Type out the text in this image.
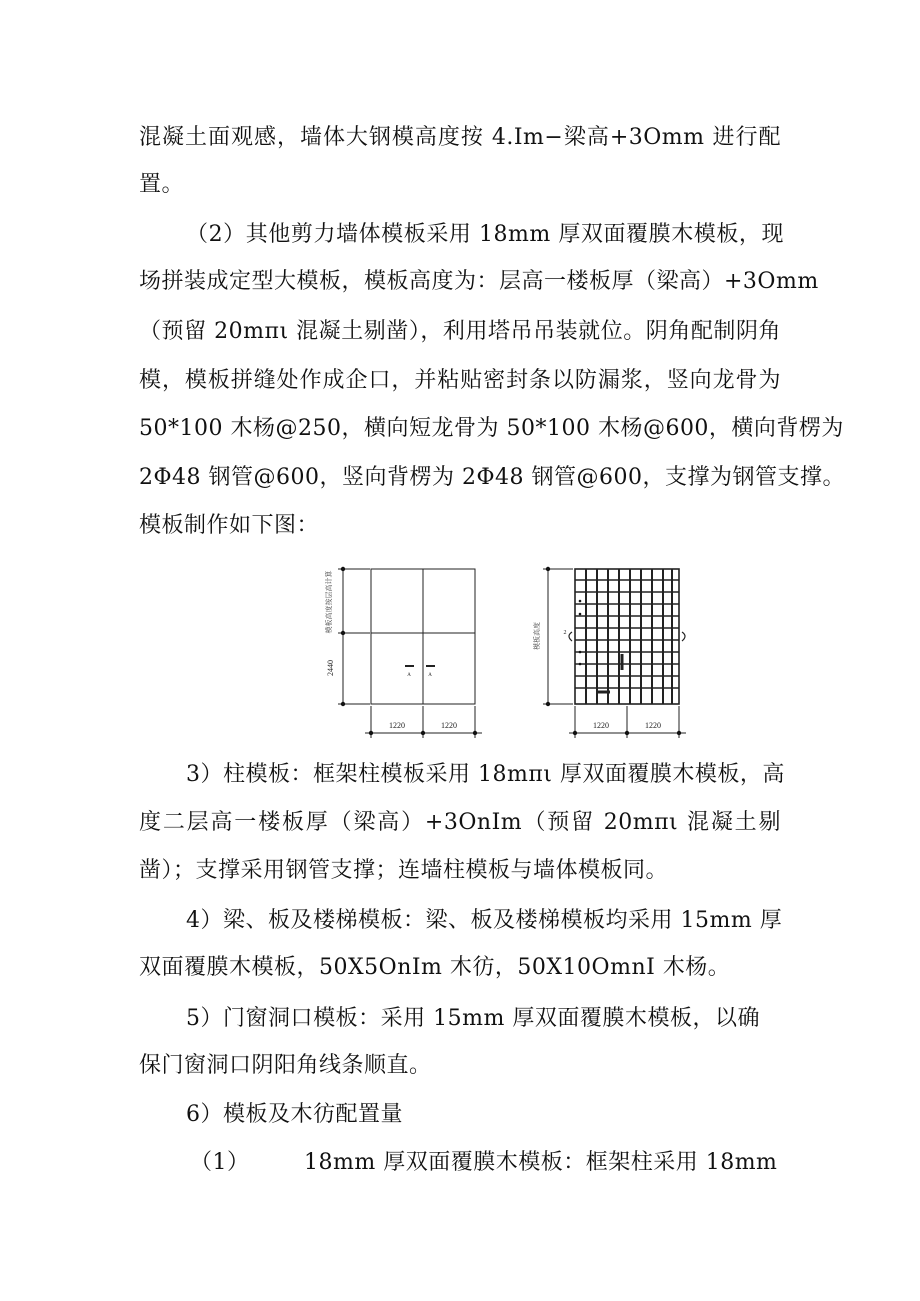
混凝土面观感，墙体大钢模高度按 4.Im−梁高+3Omm 进行配
置。
（2）其他剪力墙体模板采用 18mm 厚双面覆膜木模板，现
场拼装成定型大模板，模板高度为：层高一楼板厚（梁高）+3Omm
（预留 20mπι 混凝土剔凿），利用塔吊吊装就位。阴角配制阴角
模，模板拼缝处作成企口，并粘贴密封条以防漏浆，竖向龙骨为
50*100 木杨@250，横向短龙骨为 50*100 木杨@600，横向背楞为
2Φ48 钢管@600，竖向背楞为 2Φ48 钢管@600，支撑为钢管支撑。
模板制作如下图：
模板高度按层高计算
2440
1220	1220
A	A
模板高度
1220	1220
2
3）柱模板：框架柱模板采用 18mπι 厚双面覆膜木模板，高
度二层高一楼板厚（梁高）+3OnIm（预留 20mπι 混凝土剔
凿）；支撑采用钢管支撑；连墙柱模板与墙体模板同。
4）梁、板及楼梯模板：梁、板及楼梯模板均采用 15mm 厚
双面覆膜木模板，50X5OnIm 木彷，50X10OmnI 木杨。
5）门窗洞口模板：采用 15mm 厚双面覆膜木模板，以确
保门窗洞口阴阳角线条顺直。
6）模板及木彷配置量
（1） 18mm 厚双面覆膜木模板：框架柱采用 18mm
